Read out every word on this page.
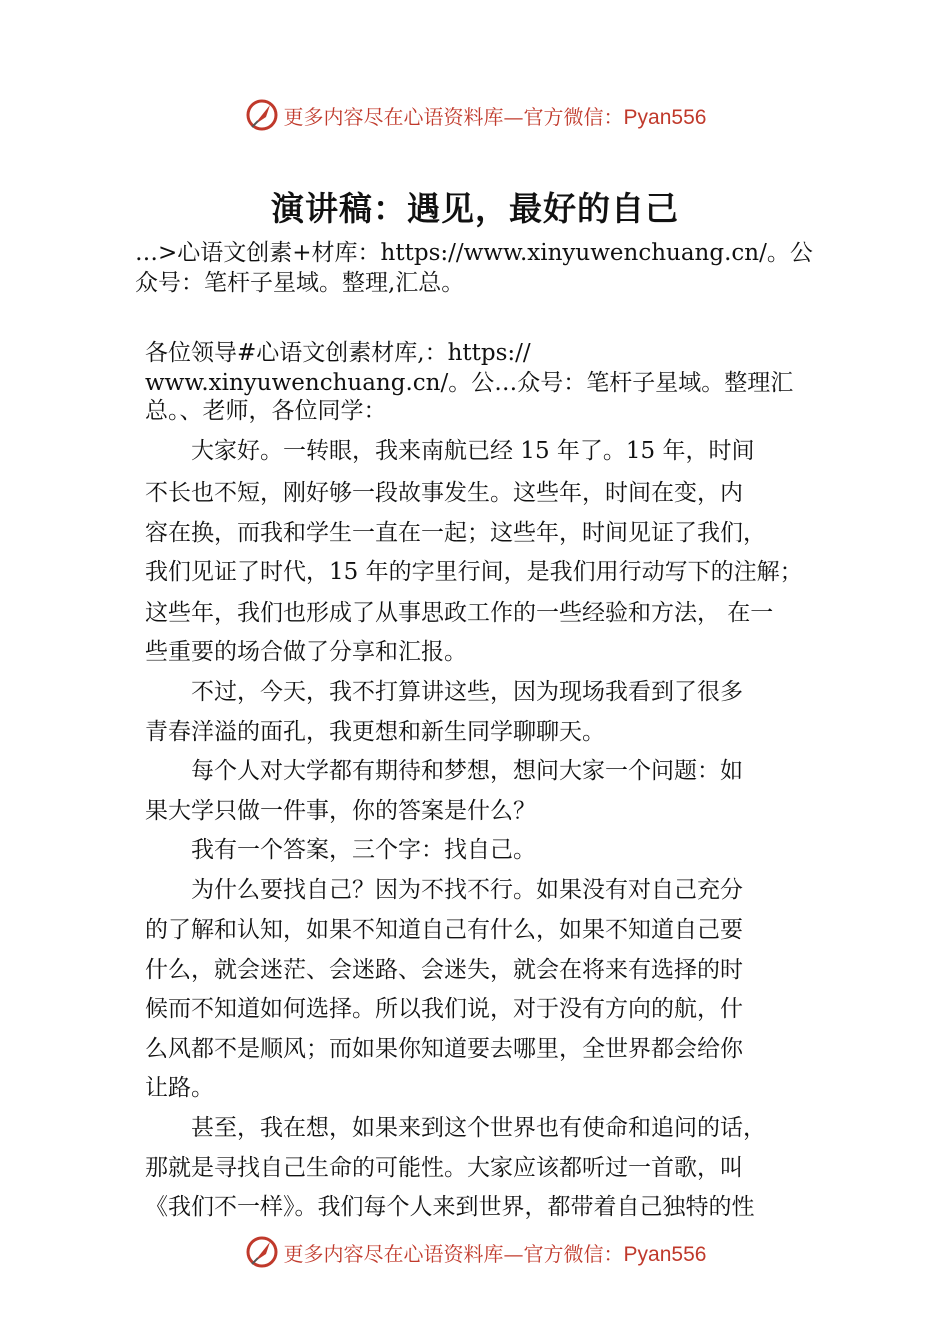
更多内容尽在心语资料库—官方微信：Pyan556
演讲稿：遇见，最好的自己
…>心语文创素+材库：https://www.xinyuwenchuang.cn/。公
众号：笔杆子星域。整理,汇总。
各位领导#心语文创素材库,：https://
www.xinyuwenchuang.cn/。公…众号：笔杆子星域。整理汇
总。、老师，各位同学：
　　大家好。一转眼，我来南航已经 15 年了。15 年，时间
不长也不短，刚好够一段故事发生。这些年，时间在变，内
容在换，而我和学生一直在一起；这些年，时间见证了我们，
我们见证了时代，15 年的字里行间，是我们用行动写下的注解；
这些年，我们也形成了从事思政工作的一些经验和方法， 在一
些重要的场合做了分享和汇报。
　　不过，今天，我不打算讲这些，因为现场我看到了很多
青春洋溢的面孔，我更想和新生同学聊聊天。
　　每个人对大学都有期待和梦想，想问大家一个问题：如
果大学只做一件事，你的答案是什么？
　　我有一个答案，三个字：找自己。
　　为什么要找自己？因为不找不行。如果没有对自己充分
的了解和认知，如果不知道自己有什么，如果不知道自己要
什么，就会迷茫、会迷路、会迷失，就会在将来有选择的时
候而不知道如何选择。所以我们说，对于没有方向的航，什
么风都不是顺风；而如果你知道要去哪里，全世界都会给你
让路。
　　甚至，我在想，如果来到这个世界也有使命和追问的话，
那就是寻找自己生命的可能性。大家应该都听过一首歌，叫
《我们不一样》。我们每个人来到世界，都带着自己独特的性
更多内容尽在心语资料库—官方微信：Pyan556
